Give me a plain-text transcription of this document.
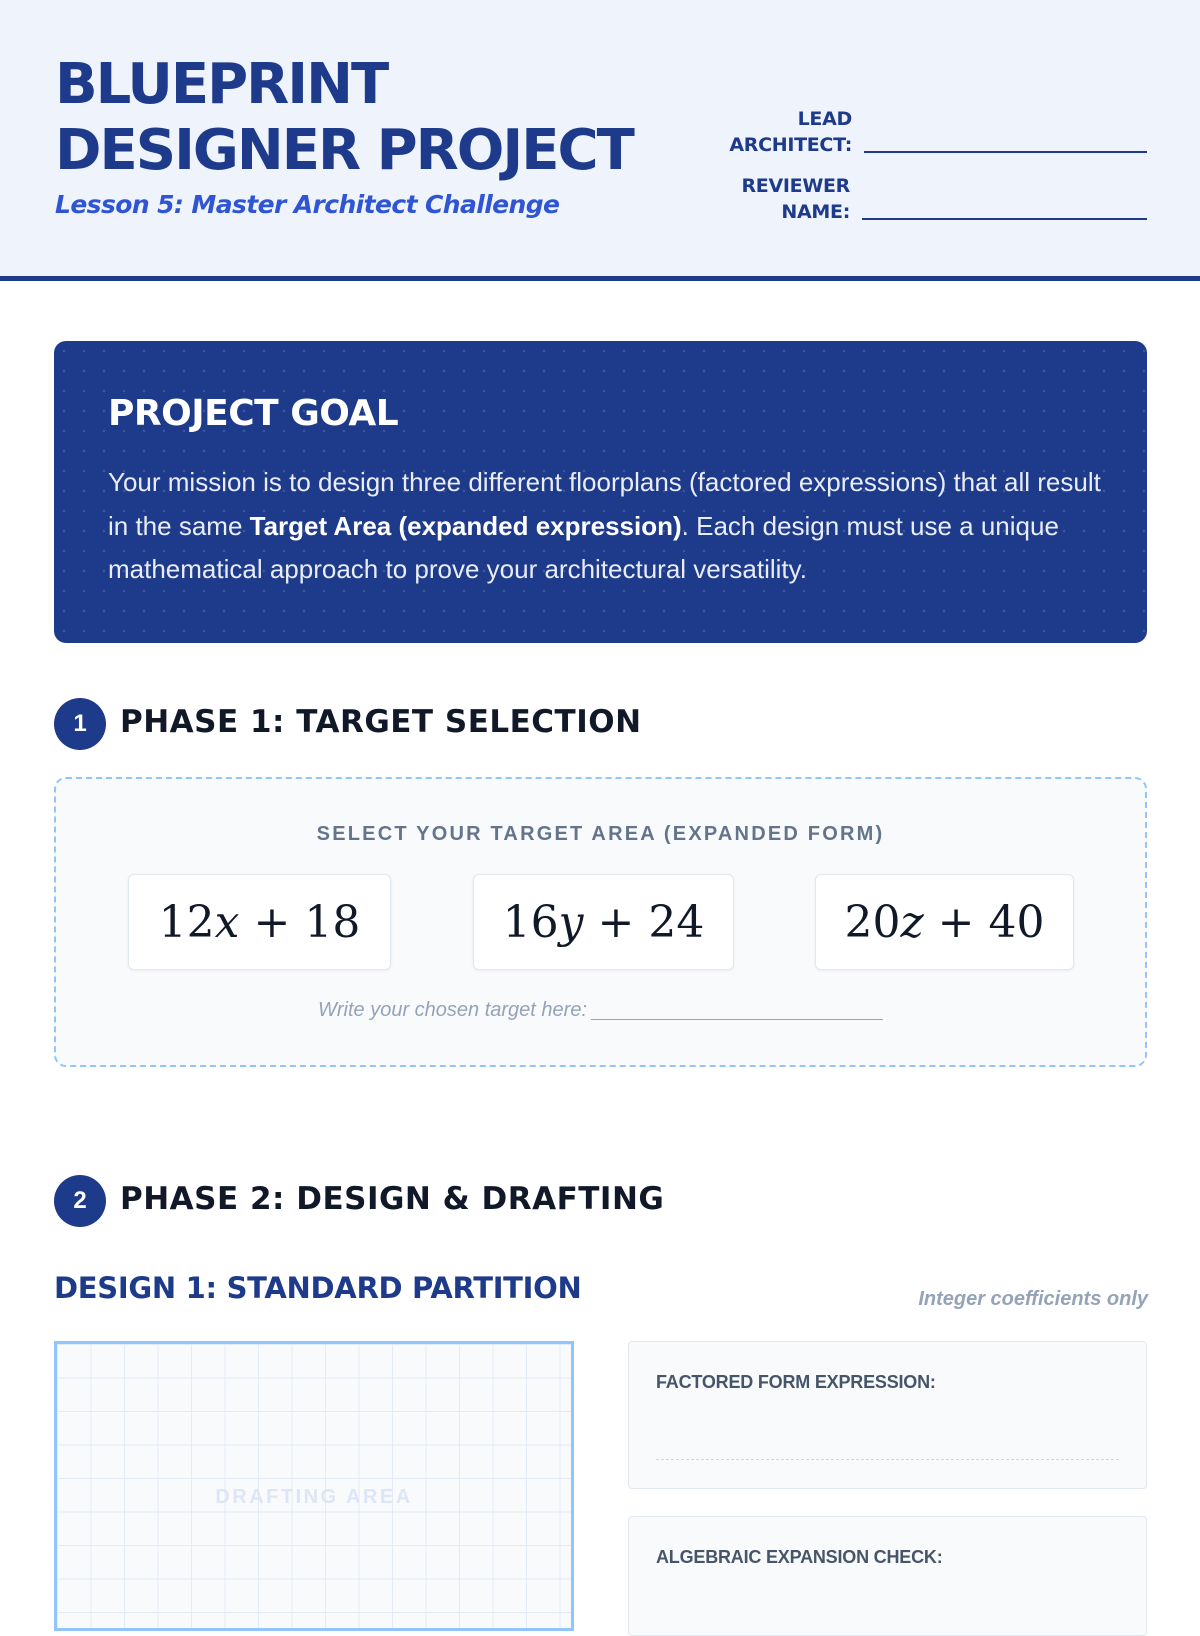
BLUEPRINT DESIGNER PROJECT

Lesson 5: Master Architect Challenge

LEAD ARCHITECT:
REVIEWER NAME:
PROJECT GOAL

Your mission is to design three different floorplans (factored expressions) that all result in the same Target Area (expanded expression). Each design must use a unique mathematical approach to prove your architectural versatility.

1	PHASE 1: TARGET SELECTION
SELECT YOUR TARGET AREA (EXPANDED FORM)
12 x + 18	16 y + 24	20 z + 40
Write your chosen target here:
2	PHASE 2: DESIGN & DRAFTING
DESIGN 1: STANDARD PARTITION	Integer coefficients only
DRAFTING AREA
FACTORED FORM EXPRESSION:
ALGEBRAIC EXPANSION CHECK:
